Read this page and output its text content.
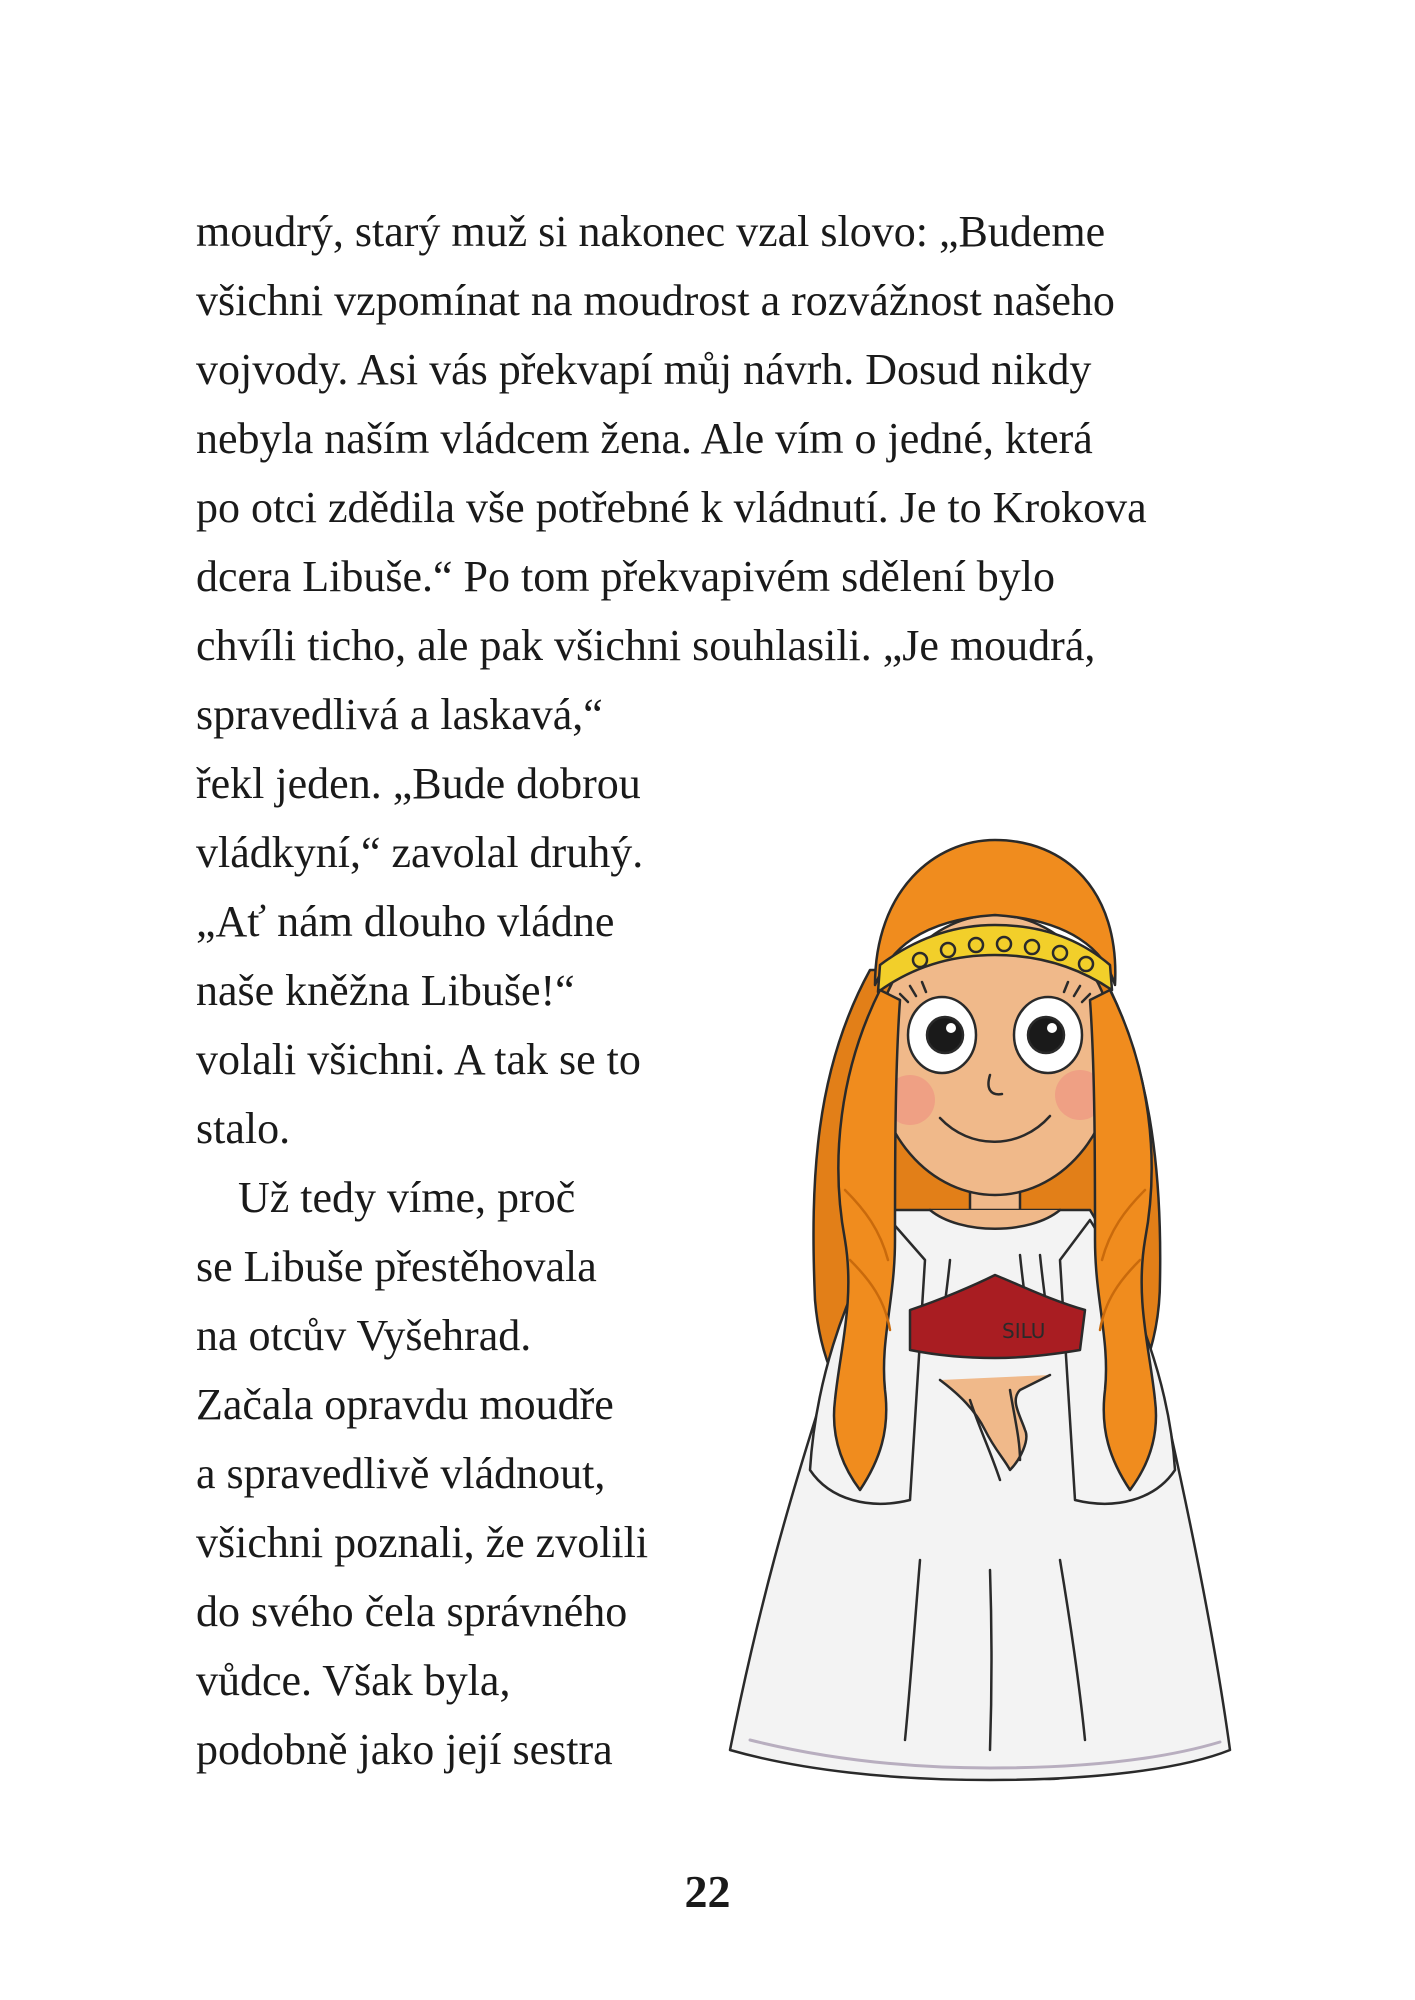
moudrý, starý muž si nakonec vzal slovo: „Budeme
všichni vzpomínat na moudrost a rozvážnost našeho
vojvody. Asi vás překvapí můj návrh. Dosud nikdy
nebyla naším vládcem žena. Ale vím o jedné, která
po otci zdědila vše potřebné k vládnutí. Je to Krokova
dcera Libuše.“ Po tom překvapivém sdělení bylo
chvíli ticho, ale pak všichni souhlasili. „Je moudrá,
spravedlivá a laskavá,“
řekl jeden. „Bude dobrou
vládkyní,“ zavolal druhý.
„Ať nám dlouho vládne
naše kněžna Libuše!“
volali všichni. A tak se to
stalo.
Už tedy víme, proč
se Libuše přestěhovala
na otcův Vyšehrad.
Začala opravdu moudře
a spravedlivě vládnout,
všichni poznali, že zvolili
do svého čela správného
vůdce. Však byla,
podobně jako její sestra
SILU
22
